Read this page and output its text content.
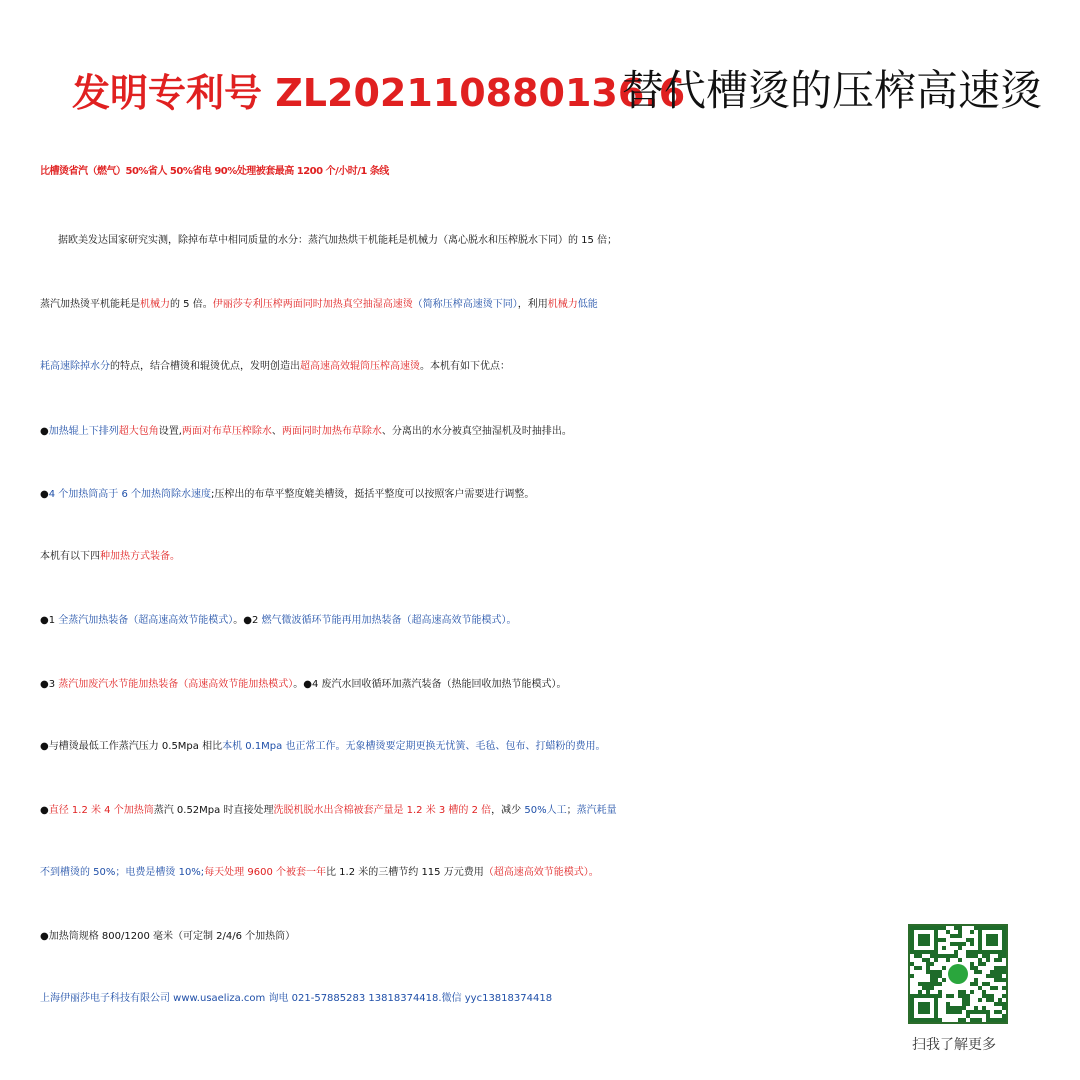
发明专利号 ZL202110880136.6
替代槽烫的压榨高速烫
比槽烫省汽（燃气）50%省人 50%省电 90%处理被套最高 1200 个/小时/1 条线
据欧美发达国家研究实测，除掉布草中相同质量的水分：蒸汽加热烘干机能耗是机械力（离心脱水和压榨脱水下同）的 15 倍；
蒸汽加热烫平机能耗是机械力的 5 倍。伊丽莎专利压榨两面同时加热真空抽湿高速烫（简称压榨高速烫下同），利用机械力低能
耗高速除掉水分的特点，结合槽烫和辊烫优点，发明创造出超高速高效辊筒压榨高速烫。本机有如下优点：
●加热辊上下排列超大包角设置,两面对布草压榨除水、两面同时加热布草除水、分离出的水分被真空抽湿机及时抽排出。
●4 个加热筒高于 6 个加热筒除水速度;压榨出的布草平整度媲美槽烫，挺括平整度可以按照客户需要进行调整。
本机有以下四种加热方式装备。
●1 全蒸汽加热装备（超高速高效节能模式）。●2 燃气微波循环节能再用加热装备（超高速高效节能模式）。
●3 蒸汽加废汽水节能加热装备（高速高效节能加热模式）。●4 废汽水回收循环加蒸汽装备（热能回收加热节能模式）。
●与槽烫最低工作蒸汽压力 0.5Mpa 相比本机 0.1Mpa 也正常工作。无象槽烫要定期更换无忧簧、毛毡、包布、打蜡粉的费用。
●直径 1.2 米 4 个加热筒蒸汽 0.52Mpa 时直接处理洗脱机脱水出含棉被套产量是 1.2 米 3 槽的 2 倍，减少 50%人工；蒸汽耗量
不到槽烫的 50%；电费是槽烫 10%;每天处理 9600 个被套一年比 1.2 米的三槽节约 115 万元费用（超高速高效节能模式）。
●加热筒规格 800/1200 毫米（可定制 2/4/6 个加热筒）
上海伊丽莎电子科技有限公司 www.usaeliza.com 询电 021-57885283 13818374418.微信 yyc13818374418
扫我了解更多
